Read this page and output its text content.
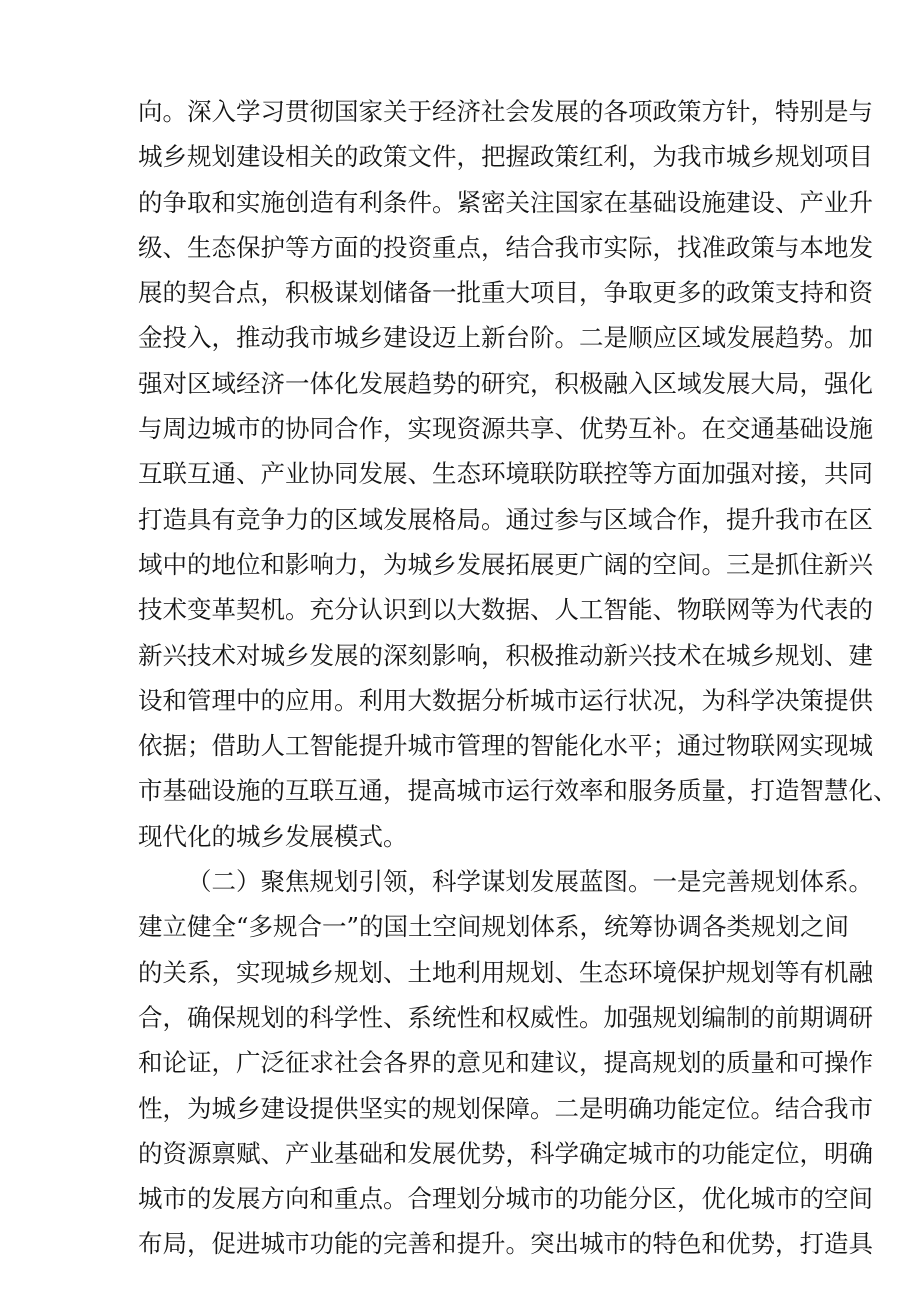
向。深入学习贯彻国家关于经济社会发展的各项政策方针，特别是与
城乡规划建设相关的政策文件，把握政策红利，为我市城乡规划项目
的争取和实施创造有利条件。紧密关注国家在基础设施建设、产业升
级、生态保护等方面的投资重点，结合我市实际，找准政策与本地发
展的契合点，积极谋划储备一批重大项目，争取更多的政策支持和资
金投入，推动我市城乡建设迈上新台阶。二是顺应区域发展趋势。加
强对区域经济一体化发展趋势的研究，积极融入区域发展大局，强化
与周边城市的协同合作，实现资源共享、优势互补。在交通基础设施
互联互通、产业协同发展、生态环境联防联控等方面加强对接，共同
打造具有竞争力的区域发展格局。通过参与区域合作，提升我市在区
域中的地位和影响力，为城乡发展拓展更广阔的空间。三是抓住新兴
技术变革契机。充分认识到以大数据、人工智能、物联网等为代表的
新兴技术对城乡发展的深刻影响，积极推动新兴技术在城乡规划、建
设和管理中的应用。利用大数据分析城市运行状况，为科学决策提供
依据；借助人工智能提升城市管理的智能化水平；通过物联网实现城
市基础设施的互联互通，提高城市运行效率和服务质量，打造智慧化、
现代化的城乡发展模式。
（二）聚焦规划引领，科学谋划发展蓝图。一是完善规划体系。
建立健全“多规合一”的国土空间规划体系，统筹协调各类规划之间
的关系，实现城乡规划、土地利用规划、生态环境保护规划等有机融
合，确保规划的科学性、系统性和权威性。加强规划编制的前期调研
和论证，广泛征求社会各界的意见和建议，提高规划的质量和可操作
性，为城乡建设提供坚实的规划保障。二是明确功能定位。结合我市
的资源禀赋、产业基础和发展优势，科学确定城市的功能定位，明确
城市的发展方向和重点。合理划分城市的功能分区，优化城市的空间
布局，促进城市功能的完善和提升。突出城市的特色和优势，打造具
